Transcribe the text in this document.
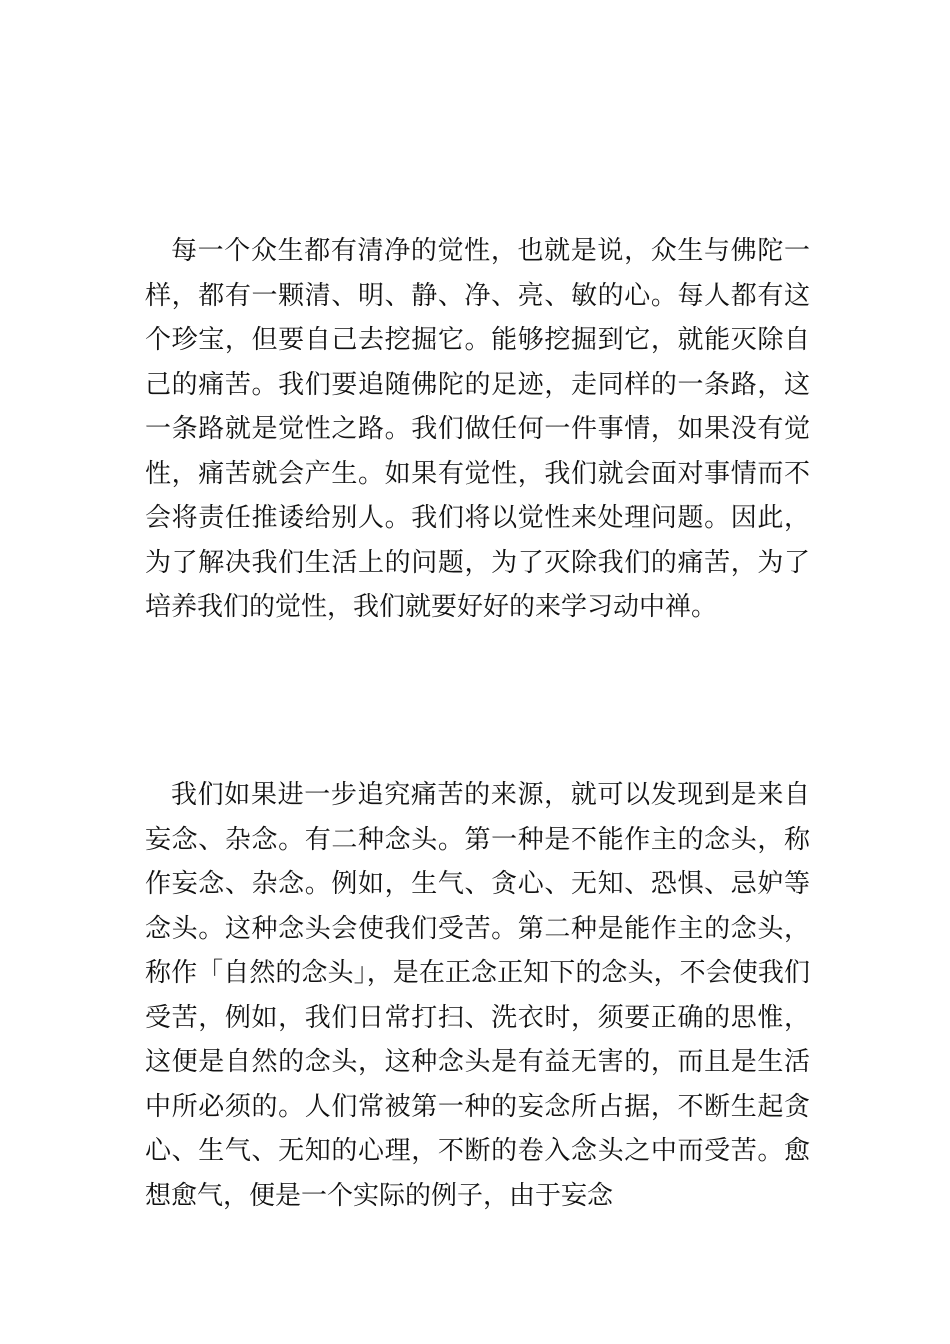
每一个众生都有清净的觉性，也就是说，众生与佛陀一样，都有一颗清、明、静、净、亮、敏的心。每人都有这个珍宝，但要自己去挖掘它。能够挖掘到它，就能灭除自己的痛苦。我们要追随佛陀的足迹，走同样的一条路，这一条路就是觉性之路。我们做任何一件事情，如果没有觉性，痛苦就会产生。如果有觉性，我们就会面对事情而不会将责任推诿给别人。我们将以觉性来处理问题。因此，为了解决我们生活上的问题，为了灭除我们的痛苦，为了培养我们的觉性，我们就要好好的来学习动中禅。

我们如果进一步追究痛苦的来源，就可以发现到是来自妄念、杂念。有二种念头。第一种是不能作主的念头，称作妄念、杂念。例如，生气、贪心、无知、恐惧、忌妒等念头。这种念头会使我们受苦。第二种是能作主的念头，称作「自然的念头」，是在正念正知下的念头，不会使我们受苦，例如，我们日常打扫、洗衣时，须要正确的思惟，这便是自然的念头，这种念头是有益无害的，而且是生活中所必须的。人们常被第一种的妄念所占据，不断生起贪心、生气、无知的心理，不断的卷入念头之中而受苦。愈想愈气，便是一个实际的例子，由于妄念
